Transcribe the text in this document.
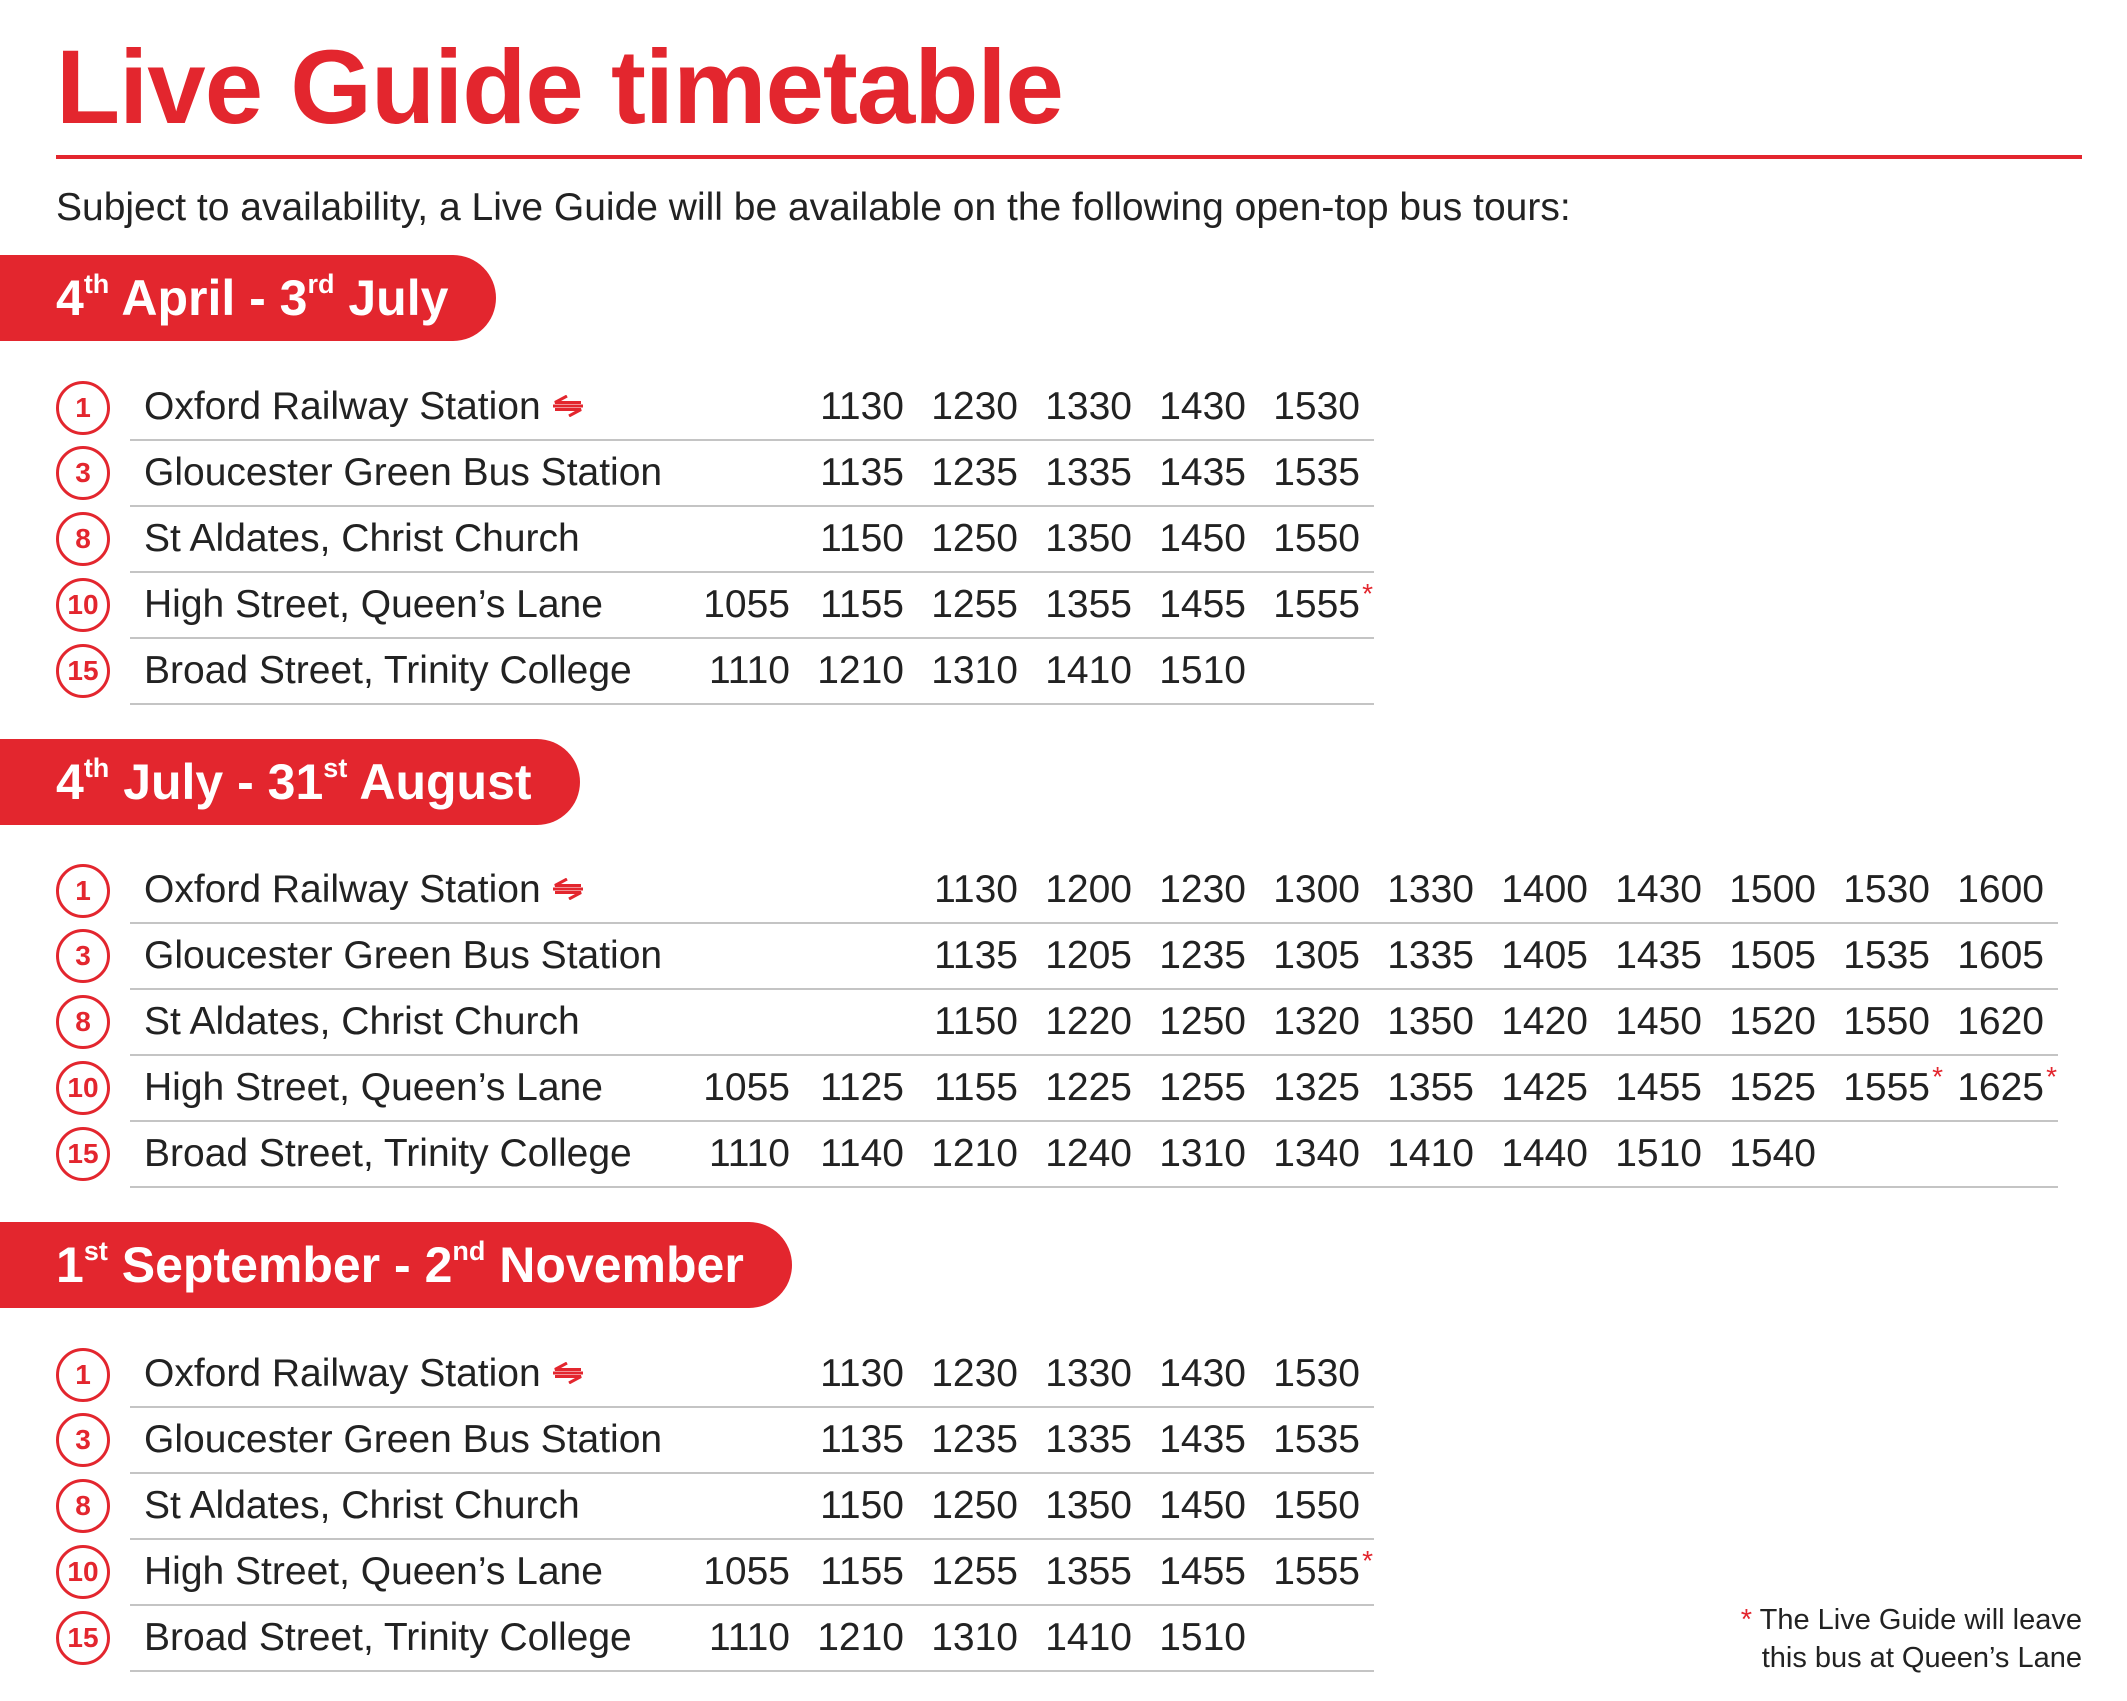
Live Guide timetable
Subject to availability, a Live Guide will be available on the following open-top bus tours:
4th April - 3rd July
1	Oxford Railway Station		1130	1230	1330	1430	1530

3	Gloucester Green Bus Station		1135	1235	1335	1435	1535

8	St Aldates, Christ Church		1150	1250	1350	1450	1550

10	High Street, Queen’s Lane	1055	1155	1255	1355	1455	1555 *

15	Broad Street, Trinity College	1110	1210	1310	1410	1510	
4th July - 31st August
1	Oxford Railway Station			1130	1200	1230	1300	1330	1400	1430	1500	1530	1600

3	Gloucester Green Bus Station			1135	1205	1235	1305	1335	1405	1435	1505	1535	1605

8	St Aldates, Christ Church			1150	1220	1250	1320	1350	1420	1450	1520	1550	1620

10	High Street, Queen’s Lane	1055	1125	1155	1225	1255	1325	1355	1425	1455	1525	1555 *	1625 *

15	Broad Street, Trinity College	1110	1140	1210	1240	1310	1340	1410	1440	1510	1540		
1st September - 2nd November
1	Oxford Railway Station		1130	1230	1330	1430	1530

3	Gloucester Green Bus Station		1135	1235	1335	1435	1535

8	St Aldates, Christ Church		1150	1250	1350	1450	1550

10	High Street, Queen’s Lane	1055	1155	1255	1355	1455	1555 *

15	Broad Street, Trinity College	1110	1210	1310	1410	1510		* The Live Guide will leave
this bus at Queen’s Lane
